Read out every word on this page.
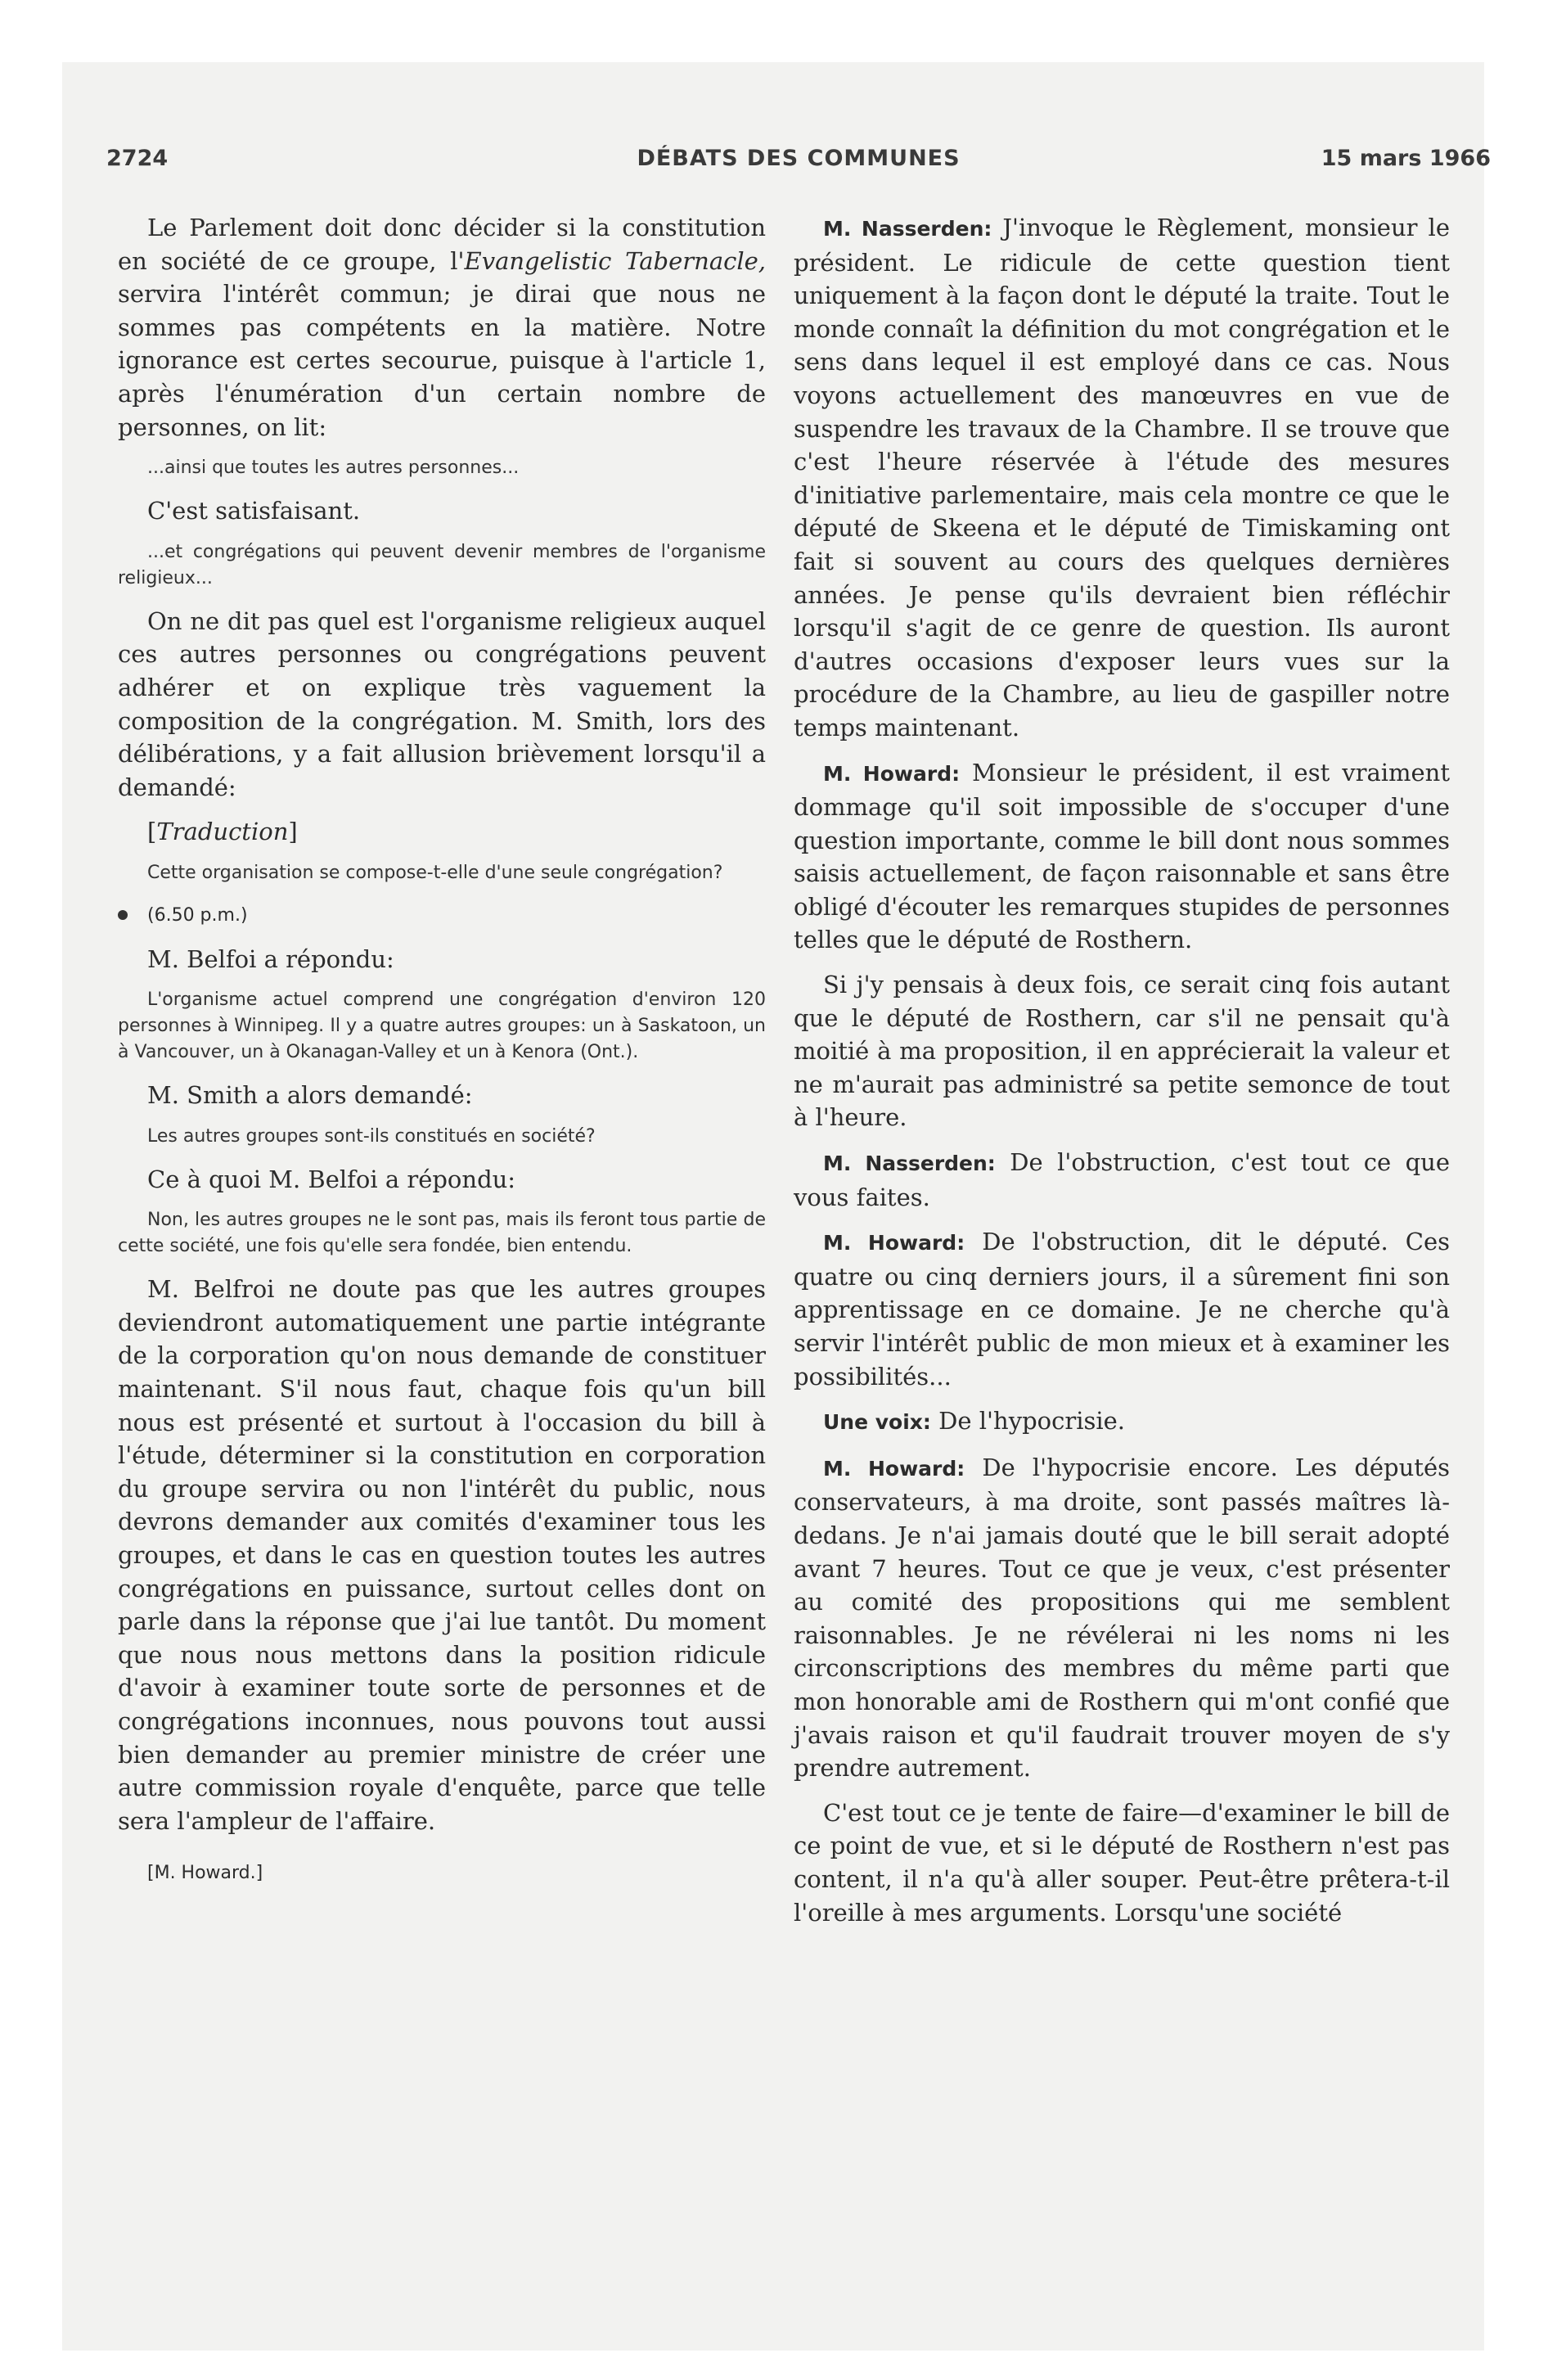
2724	DÉBATS DES COMMUNES	15 mars 1966

Le Parlement doit donc décider si la constitution en société de ce groupe, l'Evangelistic Tabernacle, servira l'intérêt commun; je dirai que nous ne sommes pas compétents en la matière. Notre ignorance est certes secourue, puisque à l'article 1, après l'énumération d'un certain nombre de personnes, on lit:

...ainsi que toutes les autres personnes...

C'est satisfaisant.

...et congrégations qui peuvent devenir membres de l'organisme religieux...

On ne dit pas quel est l'organisme religieux auquel ces autres personnes ou congrégations peuvent adhérer et on explique très vaguement la composition de la congrégation. M. Smith, lors des délibérations, y a fait allusion brièvement lorsqu'il a demandé:

[Traduction]

Cette organisation se compose-t-elle d'une seule congrégation?
(6.50 p.m.)

M. Belfoi a répondu:

L'organisme actuel comprend une congrégation d'environ 120 personnes à Winnipeg. Il y a quatre autres groupes: un à Saskatoon, un à Vancouver, un à Okanagan-Valley et un à Kenora (Ont.).

M. Smith a alors demandé:

Les autres groupes sont-ils constitués en société?

Ce à quoi M. Belfoi a répondu:

Non, les autres groupes ne le sont pas, mais ils feront tous partie de cette société, une fois qu'elle sera fondée, bien entendu.

M. Belfroi ne doute pas que les autres groupes deviendront automatiquement une partie intégrante de la corporation qu'on nous demande de constituer maintenant. S'il nous faut, chaque fois qu'un bill nous est présenté et surtout à l'occasion du bill à l'étude, déterminer si la constitution en corporation du groupe servira ou non l'intérêt du public, nous devrons demander aux comités d'examiner tous les groupes, et dans le cas en question toutes les autres congrégations en puissance, surtout celles dont on parle dans la réponse que j'ai lue tantôt. Du moment que nous nous mettons dans la position ridicule d'avoir à examiner toute sorte de personnes et de congrégations inconnues, nous pouvons tout aussi bien demander au premier ministre de créer une autre commission royale d'enquête, parce que telle sera l'ampleur de l'affaire.

[M. Howard.]

M. Nasserden: J'invoque le Règlement, monsieur le président. Le ridicule de cette question tient uniquement à la façon dont le député la traite. Tout le monde connaît la définition du mot congrégation et le sens dans lequel il est employé dans ce cas. Nous voyons actuellement des manœuvres en vue de suspendre les travaux de la Chambre. Il se trouve que c'est l'heure réservée à l'étude des mesures d'initiative parlementaire, mais cela montre ce que le député de Skeena et le député de Timiskaming ont fait si souvent au cours des quelques dernières années. Je pense qu'ils devraient bien réfléchir lorsqu'il s'agit de ce genre de question. Ils auront d'autres occasions d'exposer leurs vues sur la procédure de la Chambre, au lieu de gaspiller notre temps maintenant.

M. Howard: Monsieur le président, il est vraiment dommage qu'il soit impossible de s'occuper d'une question importante, comme le bill dont nous sommes saisis actuellement, de façon raisonnable et sans être obligé d'écouter les remarques stupides de personnes telles que le député de Rosthern.

Si j'y pensais à deux fois, ce serait cinq fois autant que le député de Rosthern, car s'il ne pensait qu'à moitié à ma proposition, il en apprécierait la valeur et ne m'aurait pas administré sa petite semonce de tout à l'heure.

M. Nasserden: De l'obstruction, c'est tout ce que vous faites.

M. Howard: De l'obstruction, dit le député. Ces quatre ou cinq derniers jours, il a sûrement fini son apprentissage en ce domaine. Je ne cherche qu'à servir l'intérêt public de mon mieux et à examiner les possibilités...

Une voix: De l'hypocrisie.

M. Howard: De l'hypocrisie encore. Les députés conservateurs, à ma droite, sont passés maîtres là-dedans. Je n'ai jamais douté que le bill serait adopté avant 7 heures. Tout ce que je veux, c'est présenter au comité des propositions qui me semblent raisonnables. Je ne révélerai ni les noms ni les circonscriptions des membres du même parti que mon honorable ami de Rosthern qui m'ont confié que j'avais raison et qu'il faudrait trouver moyen de s'y prendre autrement.

C'est tout ce je tente de faire—d'examiner le bill de ce point de vue, et si le député de Rosthern n'est pas content, il n'a qu'à aller souper. Peut-être prêtera-t-il l'oreille à mes arguments. Lorsqu'une société
